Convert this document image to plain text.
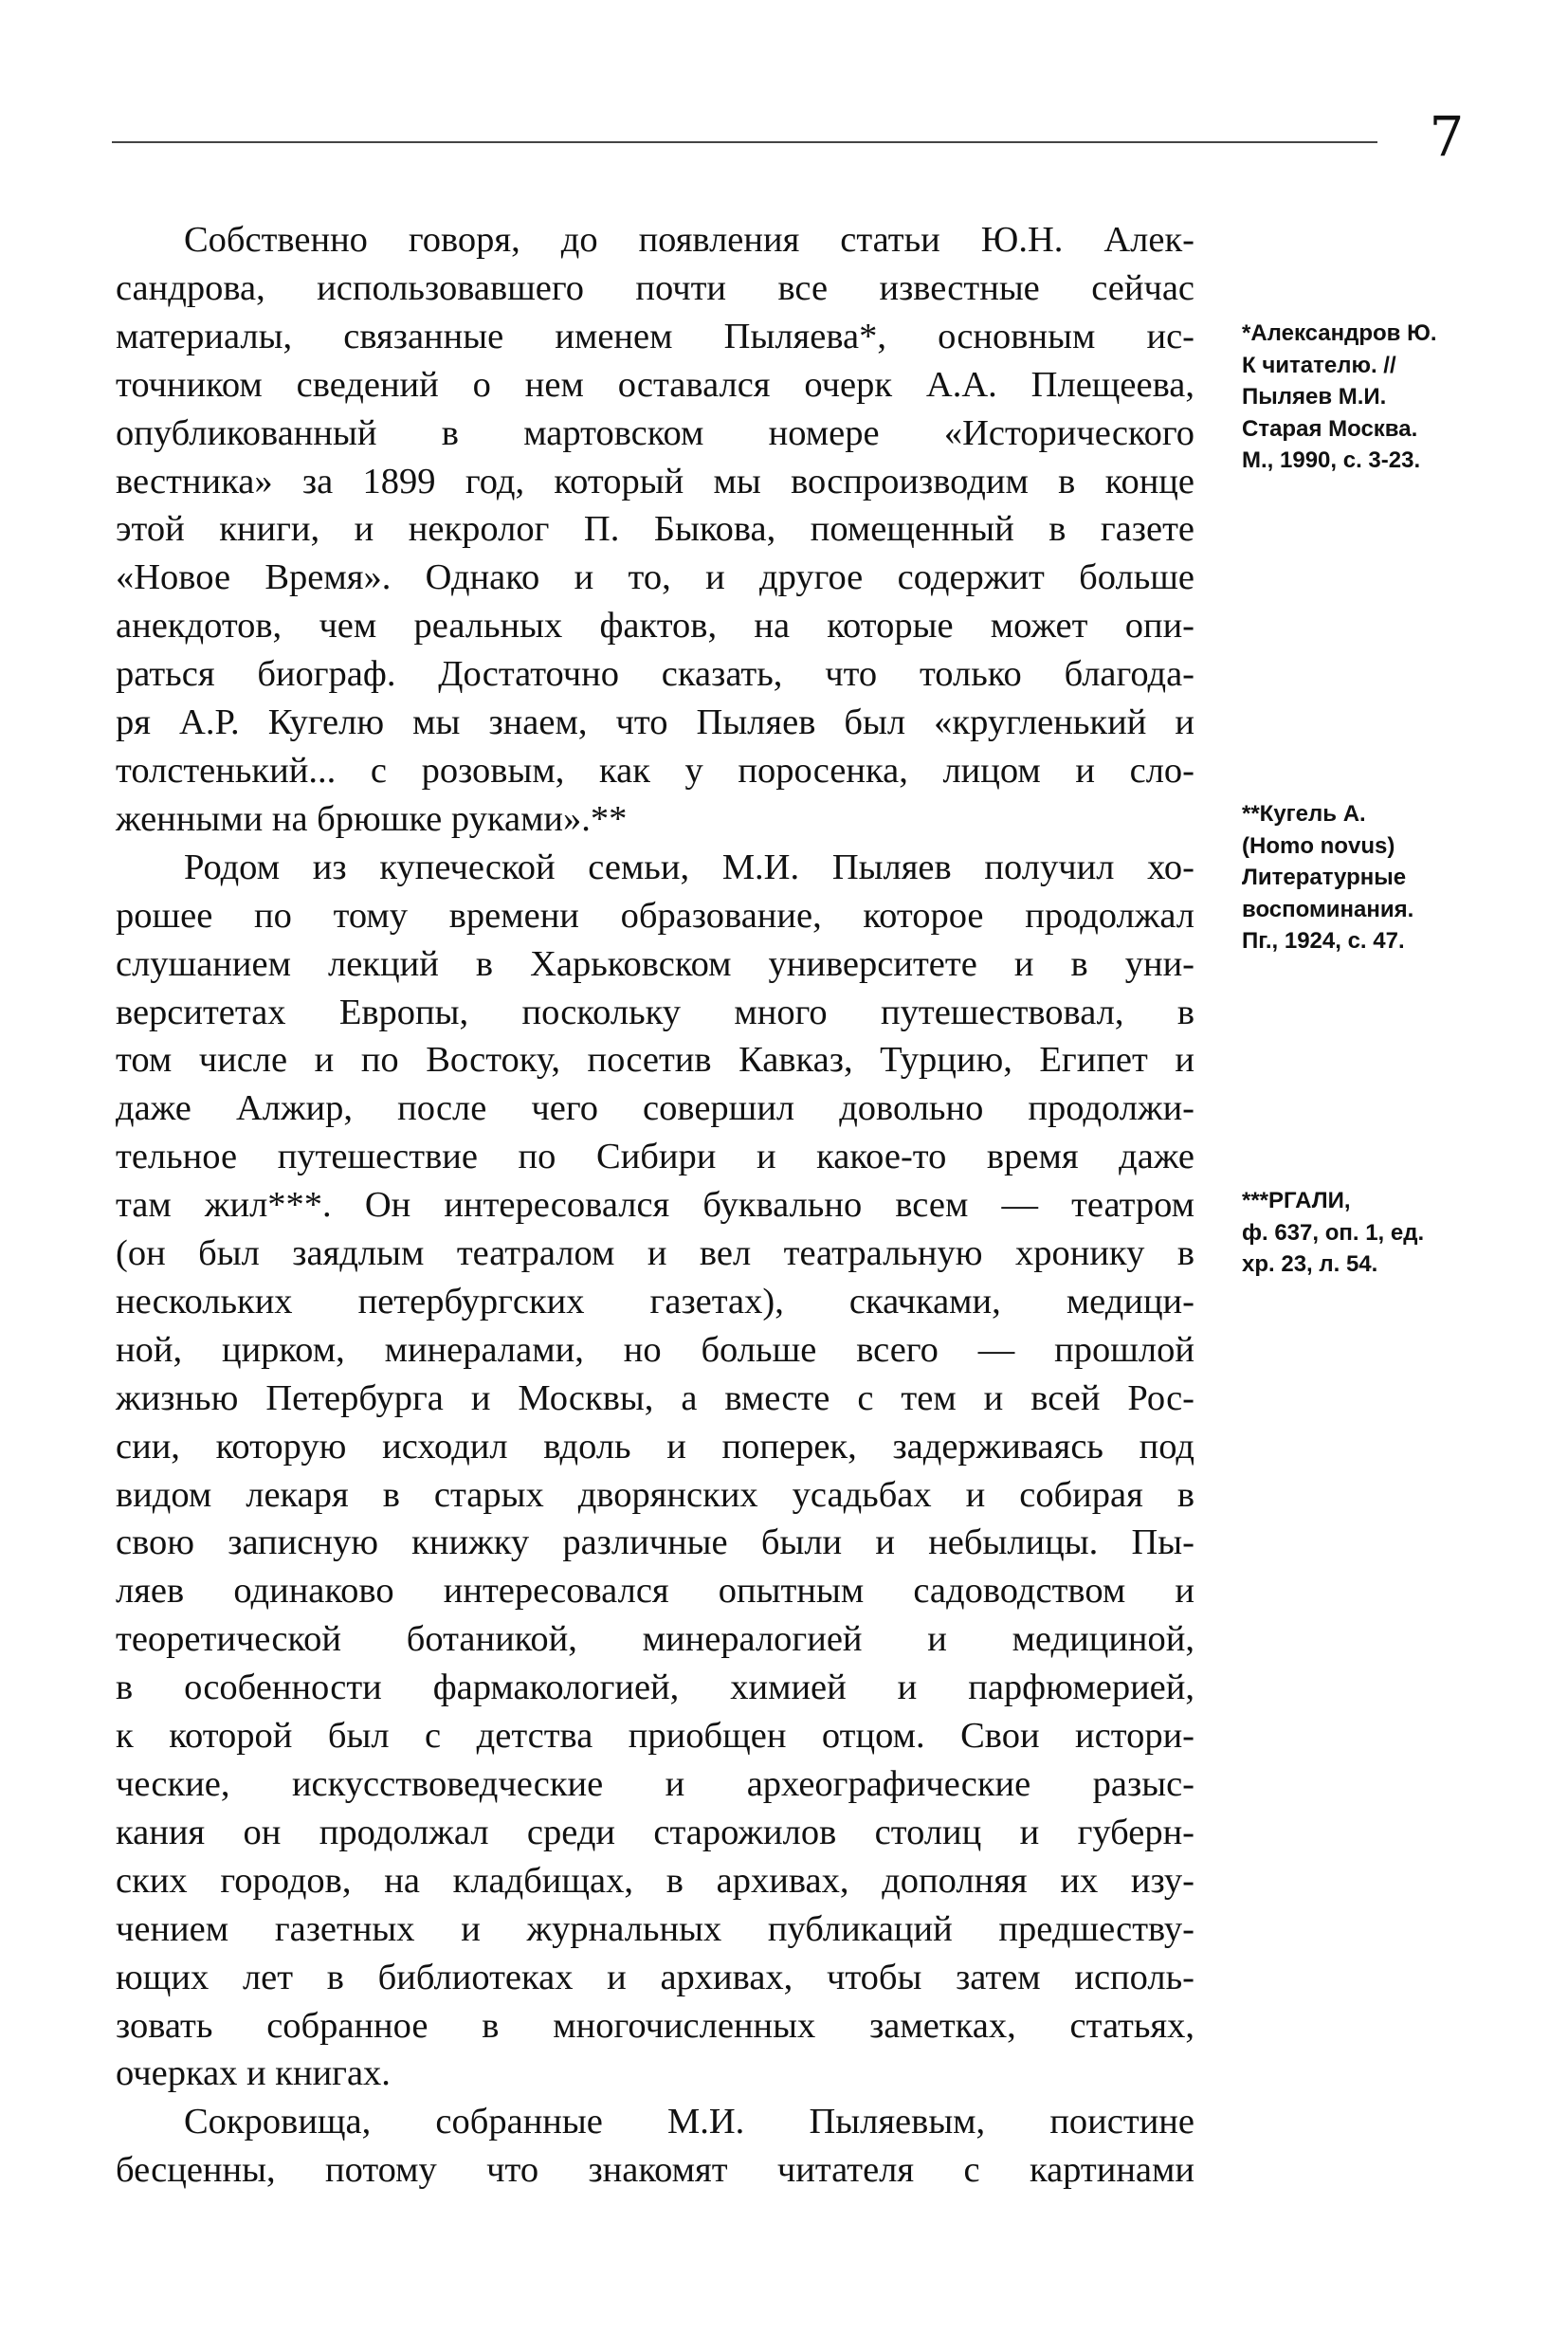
7

Собственно говоря, до появления статьи Ю.Н. Алек-
сандрова, использовавшего почти все известные сейчас
материалы, связанные именем Пыляева*, основным ис-
точником сведений о нем оставался очерк А.А. Плещеева,
опубликованный в мартовском номере «Исторического
вестника» за 1899 год, который мы воспроизводим в конце
этой книги, и некролог П. Быкова, помещенный в газете
«Новое Время». Однако и то, и другое содержит больше
анекдотов, чем реальных фактов, на которые может опи-
раться биограф. Достаточно сказать, что только благода-
ря А.Р. Кугелю мы знаем, что Пыляев был «кругленький и
толстенький... с розовым, как у поросенка, лицом и сло-
женными на брюшке руками».**

Родом из купеческой семьи, М.И. Пыляев получил хо-
рошее по тому времени образование, которое продолжал
слушанием лекций в Харьковском университете и в уни-
верситетах Европы, поскольку много путешествовал, в
том числе и по Востоку, посетив Кавказ, Турцию, Египет и
даже Алжир, после чего совершил довольно продолжи-
тельное путешествие по Сибири и какое-то время даже
там жил***. Он интересовался буквально всем — театром
(он был заядлым театралом и вел театральную хронику в
нескольких петербургских газетах), скачками, медици-
ной, цирком, минералами, но больше всего — прошлой
жизнью Петербурга и Москвы, а вместе с тем и всей Рос-
сии, которую исходил вдоль и поперек, задерживаясь под
видом лекаря в старых дворянских усадьбах и собирая в
свою записную книжку различные были и небылицы. Пы-
ляев одинаково интересовался опытным садоводством и
теоретической ботаникой, минералогией и медициной,
в особенности фармакологией, химией и парфюмерией,
к которой был с детства приобщен отцом. Свои истори-
ческие, искусствоведческие и археографические разыс-
кания он продолжал среди старожилов столиц и губерн-
ских городов, на кладбищах, в архивах, дополняя их изу-
чением газетных и журнальных публикаций предшеству-
ющих лет в библиотеках и архивах, чтобы затем исполь-
зовать собранное в многочисленных заметках, статьях,
очерках и книгах.

Сокровища, собранные М.И. Пыляевым, поистине
бесценны, потому что знакомят читателя с картинами

*Александров Ю.
К читателю. //
Пыляев М.И.
Старая Москва.
М., 1990, с. 3-23.
**Кугель А.
(Homo novus)
Литературные
воспоминания.
Пг., 1924, с. 47.
***РГАЛИ,
ф. 637, оп. 1, ед.
хр. 23, л. 54.
